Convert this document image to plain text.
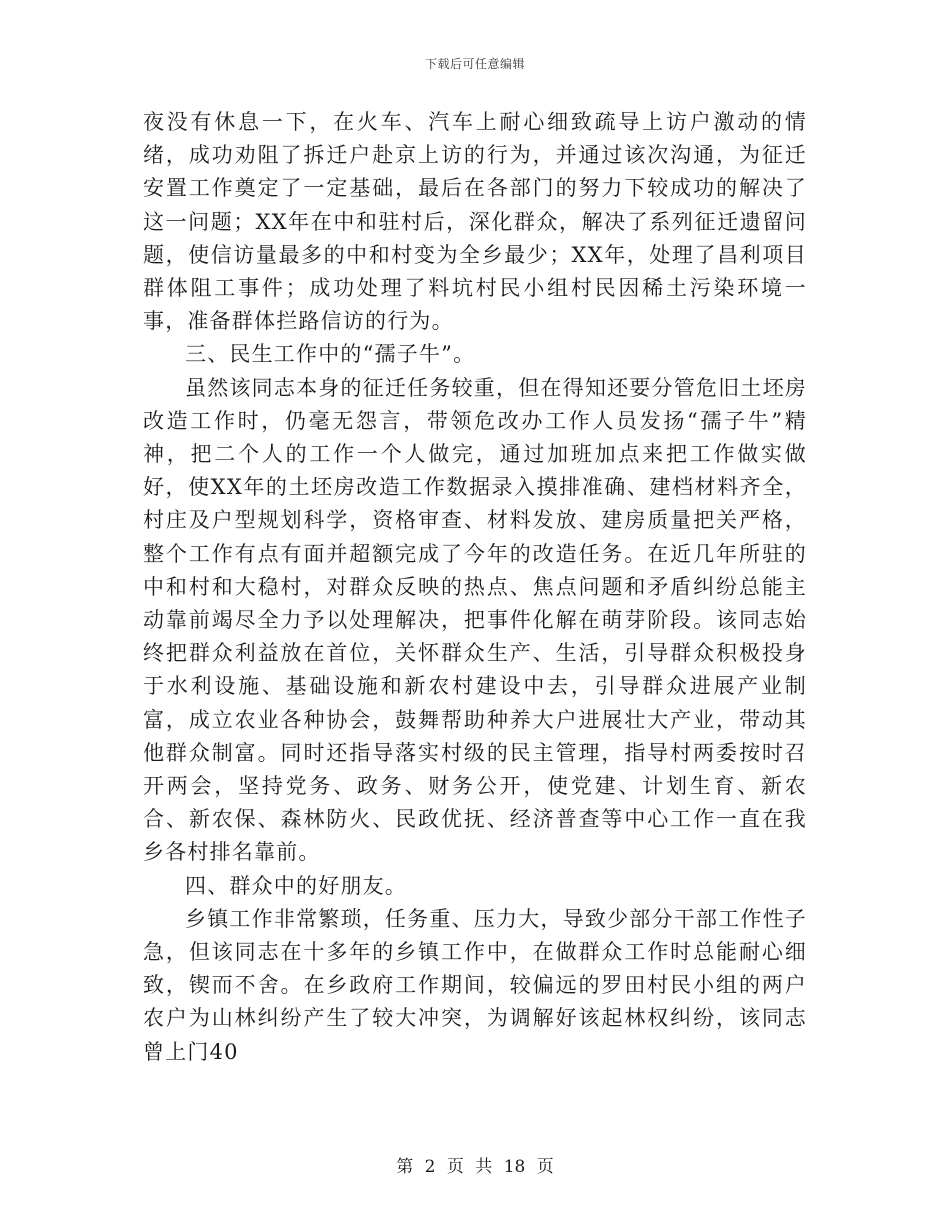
下载后可任意编辑

夜没有休息一下，在火车、汽车上耐心细致疏导上访户激动的情绪，成功劝阻了拆迁户赴京上访的行为，并通过该次沟通，为征迁安置工作奠定了一定基础，最后在各部门的努力下较成功的解决了这一问题；XX年在中和驻村后，深化群众，解决了系列征迁遗留问题，使信访量最多的中和村变为全乡最少；XX年，处理了昌利项目群体阻工事件；成功处理了料坑村民小组村民因稀土污染环境一事，准备群体拦路信访的行为。

三、民生工作中的“孺子牛”。

虽然该同志本身的征迁任务较重，但在得知还要分管危旧土坯房改造工作时，仍毫无怨言，带领危改办工作人员发扬“孺子牛”精神，把二个人的工作一个人做完，通过加班加点来把工作做实做好，使XX年的土坯房改造工作数据录入摸排准确、建档材料齐全，村庄及户型规划科学，资格审查、材料发放、建房质量把关严格，整个工作有点有面并超额完成了今年的改造任务。在近几年所驻的中和村和大稳村，对群众反映的热点、焦点问题和矛盾纠纷总能主动靠前竭尽全力予以处理解决，把事件化解在萌芽阶段。该同志始终把群众利益放在首位，关怀群众生产、生活，引导群众积极投身于水利设施、基础设施和新农村建设中去，引导群众进展产业制富，成立农业各种协会，鼓舞帮助种养大户进展壮大产业，带动其他群众制富。同时还指导落实村级的民主管理，指导村两委按时召开两会，坚持党务、政务、财务公开，使党建、计划生育、新农合、新农保、森林防火、民政优抚、经济普查等中心工作一直在我乡各村排名靠前。

四、群众中的好朋友。

乡镇工作非常繁琐，任务重、压力大，导致少部分干部工作性子急，但该同志在十多年的乡镇工作中，在做群众工作时总能耐心细致，锲而不舍。在乡政府工作期间，较偏远的罗田村民小组的两户农户为山林纠纷产生了较大冲突，为调解好该起林权纠纷，该同志曾上门40

第 2 页 共 18 页
